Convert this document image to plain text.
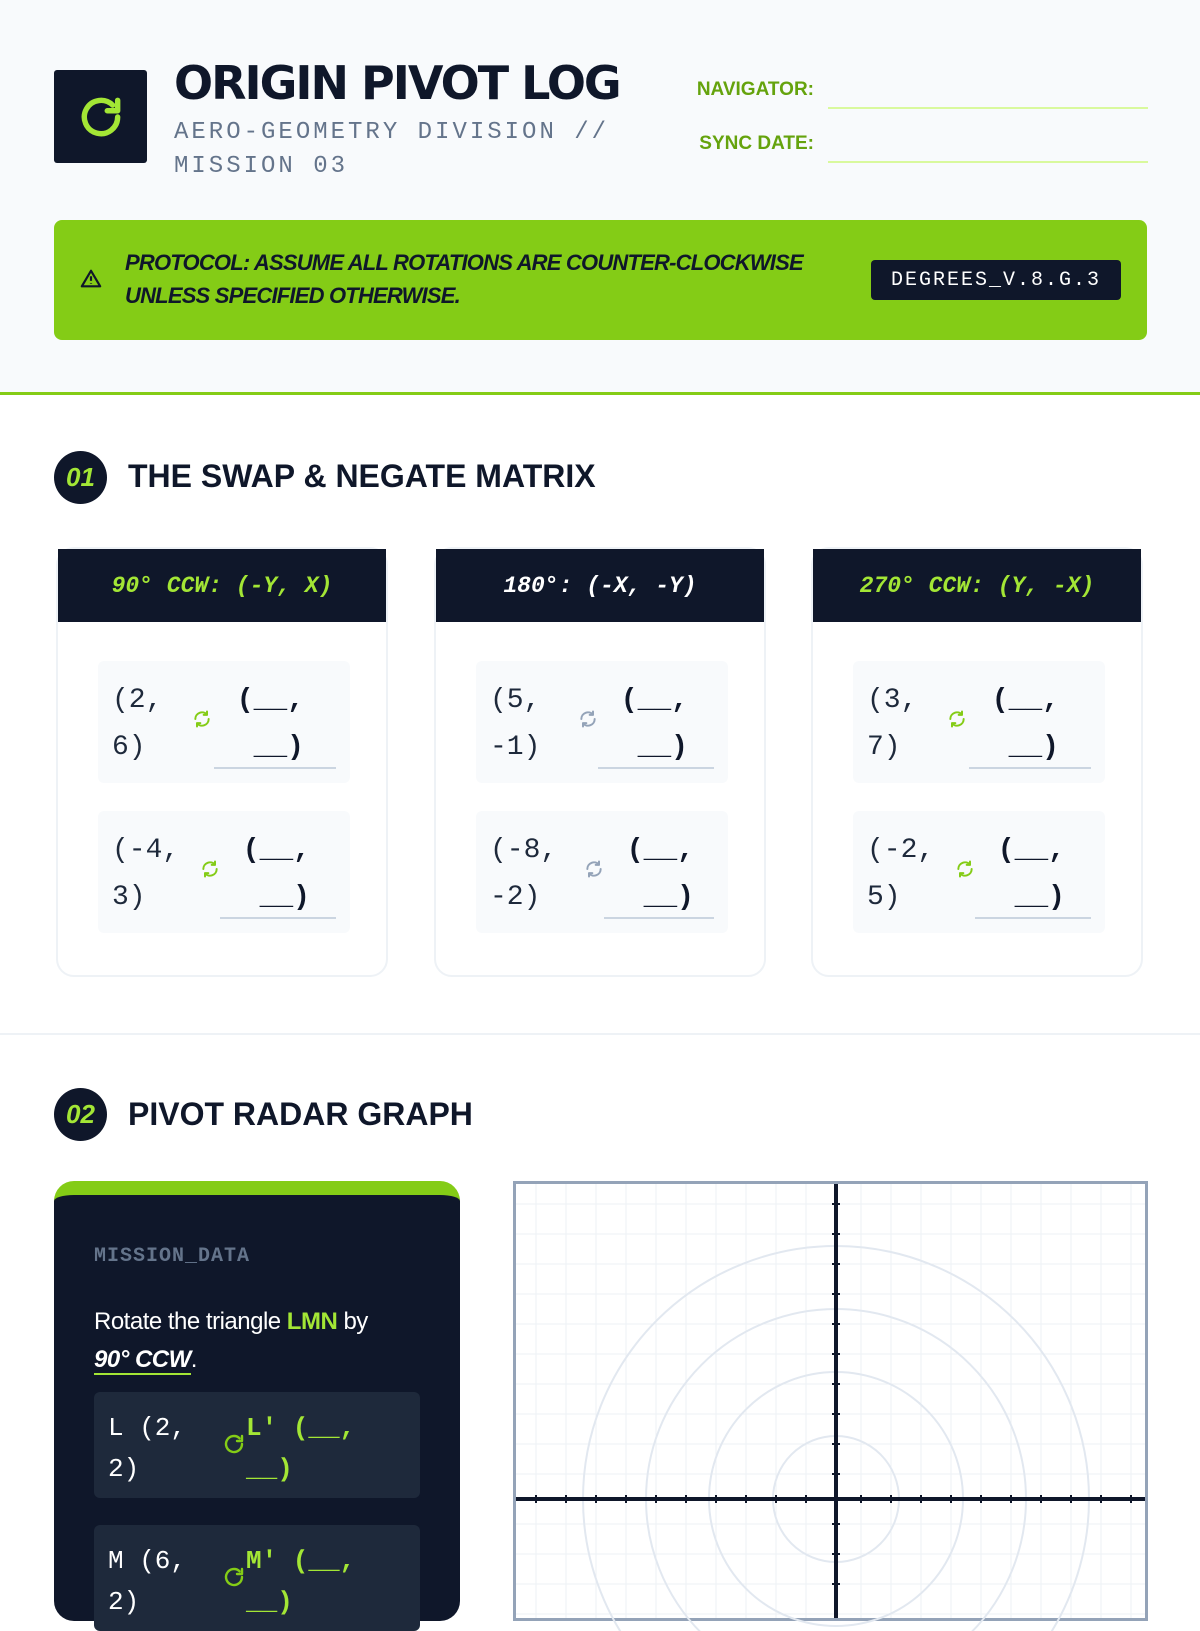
ORIGIN PIVOT LOG
AERO-GEOMETRY DIVISION // MISSION 03
NAVIGATOR:
SYNC DATE:
PROTOCOL: ASSUME ALL ROTATIONS ARE COUNTER-CLOCKWISE UNLESS SPECIFIED OTHERWISE.
DEGREES_V.8.G.3
01	THE SWAP & NEGATE MATRIX
90° CCW: (-Y, X)
(2, 6)
(__, __)
(-4, 3)
(__, __)
180°: (-X, -Y)
(5, -1)
(__, __)
(-8, -2)
(__, __)
270° CCW: (Y, -X)
(3, 7)
(__, __)
(-2, 5)
(__, __)
02	PIVOT RADAR GRAPH
MISSION_DATA
Rotate the triangle LMN by
90° CCW.
L (2, 2)
L' (__, __)
M (6, 2)
M' (__, __)
